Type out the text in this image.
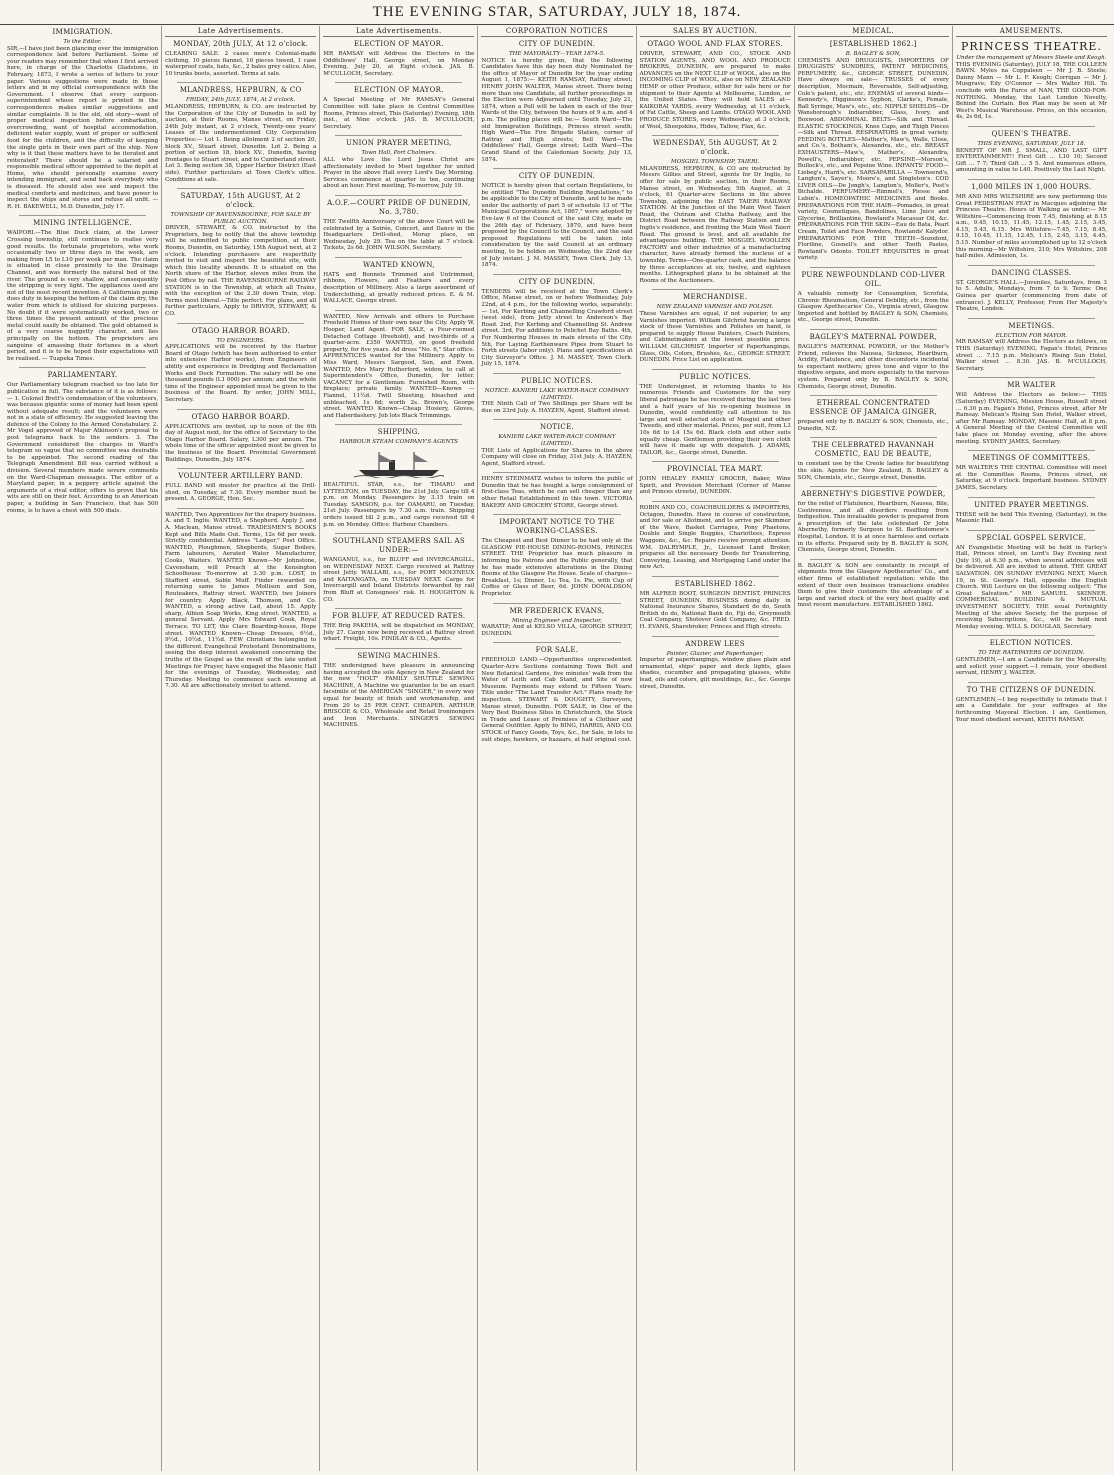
THE EVENING STAR, SATURDAY, JULY 18, 1874.
IMMIGRATION.
To the Editor.

SIR,—I have just been glancing over the immigration correspondence laid before Parliament. Some of your readers may remember that when I first arrived here, in charge of the Charlotte Gladstone, in February, 1873, I wrote a series of letters to your paper. Various suggestions were made in those letters and in my official correspondence with the Government. I observe that every surgeon-superintendent whose report is printed in the correspondence makes similar suggestions and similar complaints. It is the old, old story—want of proper medical inspection before embarkation, overcrowding, want of hospital accommodation, deficient water supply, want of proper or sufficient food for the children, and the difficulty of keeping the single girls in their own part of the ship. Now why is it that these matters have to be iterated and reiterated? There should be a salaried and responsible medical officer appointed to the depôt at Home, who should personally examine every intending immigrant, and send back everybody who is diseased. He should also see and inspect the medical comforts and medicines, and have power to inspect the ships and stores and refuse all unfit. — R. H. BAKEWELL, M.D. Dunedin, July 17.

MINING INTELLIGENCE.

WAIPORI.—The Blue Duck claim, at the Lower Crossing township, still continues to realise very good results. Its fortunate proprietors, who work occasionally two or three days in the week, are making from L5 to L10 per week per man. The claim is situated in close proximity to the Drainage Channel, and was formerly the natural bed of the river. The ground is very shallow, and consequently the stripping is very light. The appliances used are not of the most recent invention. A Californian pump does duty in keeping the bottom of the claim dry, the water from which is utilised for sluicing purposes. No doubt if it were systematically worked, two or three times the present amount of the precious metal could easily be obtained. The gold obtained is of a very coarse nuggetty character, and lies principally on the bottom. The proprietors are sanguine of amassing their fortunes in a short period, and it is to be hoped their expectations will be realised. — Tuapeka Times.

PARLIAMENTARY.

Our Parliamentary telegram reached us too late for publication in full. The substance of it is as follows:— 1. Colonel Brett's condemnation of the volunteers, was because gigantic sums of money had been spent without adequate result; and the volunteers were not in a state of efficiency. He suggested leaving the defence of the Colony to the Armed Constabulary. 2. Mr Vogel approved of Major Atkinson's proposal to post telegrams back to the senders. 3. The Government considered the charges in Ward's telegram so vague that no committee was desirable to be appointed. The second reading of the Telegraph Amendment Bill was carried without a division. Several members made severe comments on the Ward-Chapman messages. The editor of a Maryland paper, in a peppery article against the arguments of a rival editor, offers to prove that his wits are still on their feet. According to an American paper, a building in San Francisco, that has 500 rooms, is to have a chest with 500 dials.

Late Advertisements.
MONDAY, 20th JULY, At 12 o'clock.

CLEARING SALE. 2 cases men's Colonial-made clothing, 10 pieces flannel, 10 pieces tweed, 1 case waterproof coats, hats, &c., 2 bales grey calico. Also, 10 trunks boots, assorted. Terms at sale.

MLANDRESS, HEPBURN, & CO
FRIDAY, 24th JULY, 1874, At 2 o'clock.

MLANDRESS, HEPBURN, & CO. are instructed by the Corporation of the City of Dunedin to sell by auction, at their Rooms, Manse street, on Friday, 24th July instant, at 2 o'clock, Twenty-one years' Leases of the undermentioned City Corporation Properties:— Lot 1. Being allotment 2 of section 20, block XV., Stuart street, Dunedin. Lot 2. Being a portion of section 18, block XV., Dunedin, having frontages to Stuart street, and to Cumberland street. Lot 3. Being section 38, Upper Harbor District (East side). Further particulars at Town Clerk's office. Conditions at sale.

SATURDAY, 15th AUGUST, At 2 o'clock.
TOWNSHIP OF RAVENSBOURNE, FOR SALE BY PUBLIC AUCTION.

DRIVER, STEWART, & CO. instructed by the Proprietors, beg to notify that the above township will be submitted to public competition, at their Rooms, Dunedin, on Saturday, 15th August next, at 2 o'clock. Intending purchasers are respectfully invited to visit and inspect the beautiful site, with which this locality abounds. It is situated on the North shore of the Harbor, eleven miles from the Post Office by rail. THE RAVENSBOURNE RAILWAY STATION is in the Township, at which all Trains, with the exception of the 2.30 down Train, stop. Terms most liberal.—Title perfect. For plans, and all further particulars, Apply to DRIVER, STEWART, & CO.

OTAGO HARBOR BOARD.
TO ENGINEERS.

APPLICATIONS will be received by the Harbor Board of Otago (which has been authorised to enter into extensive Harbor works), from Engineers of ability and experience in Dredging and Reclamation Works and Dock Formation. The salary will be one thousand pounds (L1 000) per annum; and the whole time of the Engineer appointed must be given to the business of the Board. By order, JOHN MILL, Secretary.

OTAGO HARBOR BOARD.

APPLICATIONS are invited, up to noon of the 6th day of August next, for the office of Secretary to the Otago Harbor Board. Salary, L300 per annum. The whole time of the officer appointed must be given to the business of the Board. Provincial Government Buildings, Dunedin, July 1874.

VOLUNTEER ARTILLERY BAND.

FULL BAND will muster for practice at the Drill-shed, on Tuesday, at 7.30. Every member must be present. A. GEORGE, Hon. Sec.

WANTED, Two Apprentices for the drapery business. A. and T. Inglis. WANTED, a Shepherd. Apply J. and A. Maclean, Manse street. TRADESMEN'S BOOKS Kept and Bills Made Out. Terms, 12s 6d per week. Strictly confidential. Address "Ledger," Post Office. WANTED, Ploughmen, Shepherds, Sugar Boilers, Farm labourers, Aerated Water Manufacturer, Cooks, Waiters. WANTED Known—Mr Johnstone, Cavensham, will Preach at the Kensington Schoolhouse To-morrow at 3.30 p.m. LOST, in Stafford street, Sable Muff. Finder rewarded on returning same to James Mollison and Son, Routeakers, Rattray street. WANTED, two Joiners for country. Apply Black, Thomson, and Co. WANTED, a strong active Lad, about 15. Apply sharp, Albion Soap Works, King street. WANTED, a general Servant. Apply Mrs Edward Cook, Royal Terrace. TO LET, the Clare Boarding-house, Hope street. WANTED Known—Cheap Dresses, 6½d., 9½d., 10½d., 11½d. FEW Christians belonging to the different Evangelical Protestant Denominations, seeing the deep interest awakened concerning the truths of the Gospel as the result of the late united Meetings for Prayer, have engaged the Masonic Hall for the evenings of Tuesday, Wednesday, and Thursday. Meeting to commence each evening at 7.30. All are affectionately invited to attend.

Late Advertisements.
ELECTION OF MAYOR.

MR RAMSAY will Address the Electors in the Oddfellows' Hall, George street, on Monday Evening, July 20, at Eight o'clock. JAS. B. M'CULLOCH, Secretary.

ELECTION OF MAYOR.

A Special Meeting of Mr RAMSAY's General Committee will take place in Central Committee Rooms, Princes street, This (Saturday) Evening, 18th inst., at Nine o'clock. JAS. B. M'CULLOCH, Secretary.

UNION PRAYER MEETING,
Town Hall, Port Chalmers.

ALL who Love the Lord Jesus Christ are affectionately invited to Meet together for united Prayer in the above Hall every Lord's Day Morning. Services commence at quarter to ten, continuing about an hour. First meeting, To-morrow, July 19.

A.O.F.—COURT PRIDE OF DUNEDIN, No. 3,780.

THE Twelfth Anniversary of the above Court will be celebrated by a Soirée, Concert, and Dance in the Headquarters Drill-shed, Moray place, on Wednesday, July 29. Tea on the table at 7 o'clock. Tickets, 2s 6d. JOHN WILSON, Secretary.

WANTED KNOWN,

HATS and Bonnets Trimmed and Untrimmed, ribbons, Flowers, and Feathers and every description of Millinery. Also a large assortment of Underclothing, at greatly reduced prices. E. & M. WALLACE, George street.

WANTED, New Arrivals and others to Purchase Freehold Homes of their own near the City. Apply W. Hooper, Land Agent. FOR SALE, a Four-roomed Detached Cottage (freehold), and two-thirds of a quarter-acre. £350 WANTED, on good freehold property, for five years. Ad dress "No. 6," Star office. APPRENTICES wanted for the Millinery. Apply to Miss Ward, Messrs Sargood, Son, and Ewen. WANTED, Mrs Mary Rutherford, widow, to call at Superintendent's Office, Dunedin, for letter. VACANCY for a Gentleman: Furnished Room, with fireplace; private family. WANTED—Known — Flannel, 11½d. Twill Sheeting, bleached and unbleached, 1s 6d; worth 2s. Brown's, George street. WANTED Known—Cheap Hosiery, Gloves, and Haberdashery. Job lots Black Trimmings.

SHIPPING.
HARBOUR STEAM COMPANY'S AGENTS

BEAUTIFUL STAR, s.s., for TIMARU and LYTTELTON, on TUESDAY, the 21st July. Cargo till 4 p.m. on Monday. Passengers by 3.15 train on Tuesday. SAMSON, p.s. for OAMARU, on Tuesday, 21st July. Passengers by 7.30 a.m. train. Shipping orders issued till 2 p.m., and cargo received till 4 p.m. on Monday. Office: Harbour Chambers.

SOUTHLAND STEAMERS SAIL AS UNDER:—

WANGANUI, s.s., for BLUFF and INVERCARGILL, on WEDNESDAY NEXT. Cargo received at Rattray street Jetty. WALLABI, s.s., for PORT MOLYNEUX and KAITANGATA, on TUESDAY NEXT. Cargo for Invercargill and Inland Districts forwarded by rail from Bluff at Consignees' risk. H. HOUGHTON & CO.

FOR BLUFF, AT REDUCED RATES.

THE Brig PAKEHA, will be dispatched on MONDAY, July 27. Cargo now being received at Rattray street wharf. Freight, 10s. FINDLAY & CO., Agents.

SEWING MACHINES.

THE undersigned have pleasure in announcing having accepted the sole Agency in New Zealand for the new "HOLT" FAMILY SHUTTLE SEWING MACHINE, A Machine we guarantee to be an exact facsimile of the AMERICAN "SINGER," in every way equal for beauty of finish and workmanship, and From 20 to 25 PER CENT. CHEAPER. ARTHUR BRISCOE & CO., Wholesale and Retail Ironmongers and Iron Merchants. SINGER'S SEWING MACHINES.

CORPORATION NOTICES
CITY OF DUNEDIN.
THE MAYORALTY—YEAR 1874-5.

NOTICE is hereby given, that the following Candidates have this day been duly Nominated for the office of Mayor of Dunedin for the year ending August 1, 1875:— KEITH RAMSAY, Rattray street; HENRY JOHN WALTER, Manse street. There being more than one Candidate, all further proceedings in the Election were Adjourned until Tuesday, July 21, 1874, when a Poll will be taken in each of the four Wards of the City, between the hours of 9 a.m. and 4 p.m. The polling places will be:— South Ward—The old Immigration Buildings, Princes street south; High Ward—The Fire Brigade Station, corner of Rattray and High streets; Bell Ward—The Oddfellows' Hall, George street; Leith Ward—The Grand Stand of the Caledonian Society. July 13, 1874.

CITY OF DUNEDIN.

NOTICE is hereby given that certain Regulations, to be entitled "The Dunedin Building Regulations," to be applicable to the City of Dunedin, and to be made under the authority of part 5 of schedule 13 of "The Municipal Corporations Act, 1867," were adopted by Eve-law 6 of the Council of the said City, made on the 26th day of February, 1870, and have been proposed by the Council to the Council, and the said proposed Regulations will be taken into consideration by the said Council at an ordinary meeting, to be holden on Wednesday, the 22nd day of July instant. J. M. MASSEY, Town Clerk. July 13, 1874.

CITY OF DUNEDIN.

TENDERS will be received at the Town Clerk's Office, Manse street, on or before Wednesday, July 22nd, at 4 p.m., for the following works, separately:— 1st, For Kerbing and Channelling Crawford street (west side), from Jetty street to Anderson's Bay Road. 2nd, For Kerbing and Channelling St. Andrew street. 3rd, For additions to Pelichet Bay Baths. 4th, For Numbering Houses in main streets of the City. 5th, For Laying Earthenware Pipes from Stuart to Forth streets (labor only). Plans and specifications at City Surveyor's Office. J. M. MASSEY, Town Clerk. July 15, 1874.

PUBLIC NOTICES.
NOTICE. KANIERI LAKE WATER-RACE COMPANY (LIMITED).

THE Ninth Call of Two Shillings per Share will be due on 23rd July. A. HAYZEN, Agent, Stafford street.

NOTICE.
KANIERI LAKE WATER-RACE COMPANY (LIMITED).

THE Lists of Applications for Shares in the above Company will close on Friday, 31st July. A. HAYZEN, Agent, Stafford street.

HENRY STEINMATZ wishes to inform the public of Dunedin that he has bought a large consignment of first-class Teas, which he can sell cheaper than any other Retail Establishment in this town. VICTORIA BAKERY AND GROCERY STORE, George street.

IMPORTANT NOTICE TO THE WORKING-CLASSES.

The Cheapest and Best Dinner to be had only at the GLASGOW PIE-HOUSE DINING-ROOMS, PRINCES STREET. THE Proprietor has much pleasure in informing his Patrons and the Public generally, that he has made extensive alterations in the Dining Rooms of the Glasgow Pie House. Scale of charges— Breakfast, 1s; Dinner, 1s; Tea, 1s. Pie, with Cup of Coffee or Glass of Beer, 6d. JOHN DONALDSON, Proprietor.

MR FREDERICK EVANS,
Mining Engineer and Inspector,

WARATIP; And at KELSO VILLA, GEORGE STREET, DUNEDIN.

FOR SALE.

FREEHOLD LAND.—Opportunities unprecedented. Quarter-Acre Sections containing Town Belt and New Botanical Gardens, five minutes' walk from the Water of Leith and Cab Stand, and Site of new Museum. Payments may extend to Fifteen Years. Title under "The Land Transfer Act." Plans ready for inspection. STEWART & DOUGHTY, Surveyors, Manse street, Dunedin. FOR SALE, in One of the Very Best Business Sites in Christchurch, the Stock in Trade and Lease of Premises of a Clothier and General Outfitter. Apply to BING, HARRIS, AND CO. STOCK of Fancy Goods, Toys, &c., for Sale, in lots to suit shops, hawkers, or bazaars, at half original cost.

SALES BY AUCTION.
OTAGO WOOL AND FLAX STORES.

DRIVER, STEWART, AND CO., STOCK AND STATION AGENTS, AND WOOL AND PRODUCE BROKERS, DUNEDIN, are prepared to make ADVANCES on the NEXT CLIP of WOOL, also on the INCOMING CLIP of WOOL, also on NEW ZEALAND HEMP or other Produce, either for sale here or for shipment to their Agents at Melbourne, London, or the United States. They will hold SALES at— KAIKORAI YARDS, every Wednesday, at 11 o'clock, of Fat Cattle, Sheep and Lambs. OTAGO WOOL AND PRODUCE STORES, every Wednesday, at 3 o'clock, of Wool, Sheepskins, Hides, Tallow, Flax, &c.

WEDNESDAY, 5th AUGUST, At 2 o'clock.
MOSGIEL TOWNSHIP, TAIERI.

MLANDRESS, HEPBURN, & CO are instructed by Messrs Gillies and Street, agents for Dr Inglis, to offer for sale by public auction, in their Rooms, Manse street, on Wednesday, 5th August, at 2 o'clock, 61 Quarter-acre Sections in the above Township, adjoining the EAST TAIERI RAILWAY STATION. At the Junction of the Main West Taieri Road, the Outram and Clutha Railway, and the District Road between the Railway Station and Dr Inglis's residence, and fronting the Main West Taieri Road. The ground is level, and all available for advantageous building. THE MOSGIEL WOOLLEN FACTORY and other industries of a manufacturing character, have already formed the nucleus of a township. Terms—One-quarter cash, and the balance by three acceptances at six, twelve, and eighteen months. Lithographed plans to be obtained at the Rooms of the Auctioneers.

MERCHANDISE.
NEW ZEALAND VARNISH AND POLISH.

These Varnishes are equal, if not superior, to any Varnishes imported. William Gilchrist having a large stock of these Varnishes and Polishes on hand, is prepared to supply House Painters, Coach Painters, and Cabinetmakers at the lowest possible price. WILLIAM GILCHRIST, Importer of Paperhangings, Glass, Oils, Colors, Brushes, &c., GEORGE STREET, DUNEDIN. Price List on application.

PUBLIC NOTICES.

THE Undersigned, in returning thanks to his numerous Friends and Customers for the very liberal patronage he has received during the last two and a half years of his re-opening business in Dunedin, would confidently call attention to his large and well selected stock of Mosgiel and other Tweeds, and other material. Prices, per suit, from L3 10s 6d to L4 15s 6d. Black cloth and other suits equally cheap. Gentlemen providing their own cloth will have it made up with despatch. J. ADAMS, TAILOR, &c., George street, Dunedin.

PROVINCIAL TEA MART.

JOHN HEALEY FAMILY GROCER, Baker, Wine Spirit, and Provision Merchant (Corner of Manse and Princes streets), DUNEDIN.

ROBIN AND CO., COACHBUILDERS & IMPORTERS, Octagon, Dunedin. Have in course of construction, and for sale or Allotment, and to arrive per Skimmer of the Wave, Basket Carriages, Pony Phaetons, Double and Single Buggies, Chariottees, Express Waggons, &c., &c. Repairs receive prompt attention. WM. DALRYMPLE, Jr., Licensed Land Broker, prepares all the necessary Deeds for Transferring, Conveying, Leasing, and Mortgaging Land under the new Act.

ESTABLISHED 1862.

MR ALFRED BOOT, SURGEON DENTIST, PRINCES STREET, DUNEDIN. BUSINESS doing daily in National Insurance Shares, Standard do do, South British do do, National Bank do, Fiji do, Greymouth Coal Company, Shotover Gold Company, &c. FRED. H. EVANS, Sharebroker, Princes and High streets.

ANDREW LEES
Painter, Glazier, and Paperhanger,

Importer of paperhangings, window glass plain and ornamental, ships' paper and deck lights, glass shades, cucumber and propagating glasses, white lead, oils and colors, gilt mouldings, &c., &c. George street, Dunedin.

MEDICAL.
[ESTABLISHED 1862.]
B. BAGLEY & SON,

CHEMISTS AND DRUGGISTS, IMPORTERS OF DRUGGISTS' SUNDRIES, PATENT MEDICINES, PERFUMERY, &c., GEORGE STREET, DUNEDIN, Have always on sale— TRUSSES of every description, Mocmain, Reversable, Self-adjusting, Cole's patent, etc., etc. ENEMAS of several kinds—Kennedy's, Higginson's Syphon, Clarke's, Female, Ball Syringe, Maw's, etc., etc. NIPPLE SHIELDS—Dr Wansborough's Indiarubber, Glass, Ivory, and Boxwood. ABDOMINAL BELTS—Silk and Thread. ELASTIC STOCKINGS, Knee Caps, and Thigh Pieces—Silk and Thread. RESPIRATORS in great variety. FEEDING BOTTLES—Mather's, Maw's, Walls, Close, and Co.'s, Botham's, Alexandra, etc., etc. BREAST EXHAUSTERS—Maw's, Mather's, Alexandra, Powell's, Indiarubber, etc. PEPSINE—Morson's, Bullock's, etc., and Pepsine Wine. INFANTS' FOOD—Liebeg's, Hard's, etc. SARSAPARILLA — Townsend's, Langton's, Sayer's, Moore's, and Singleton's. COD LIVER OILS—De Jongh's, Langton's, Moller's, Post's Bichalde. PERFUMERY—Rimmel's, Piesse and Lubin's. HOMEOPATHIC MEDICINES and Books. PREPARATIONS FOR THE HAIR—Pomades, in great variety, Cosmetiques, Bandolines, Lime Juice and Glycerine, Brilliantine, Rowland's Macassar Oil, &c. PREPARATIONS FOR THE SKIN—Eau de Bata, Pearl Cream, Toilet and Face Powders, Rowlands' Kalydor. PREPARATIONS FOR THE TEETH—Sozodont, Floriline, Gosnell's and other Tooth Pastes, Rowland's Odonto. TOILET REQUISITES in great variety.

PURE NEWFOUNDLAND COD-LIVER OIL.

A valuable remedy for Consumption, Scrofula, Chronic Rheumatism, General Debility, etc., from the Glasgow Apothecaries' Co., Virginia street, Glasgow. Imported and bottled by BAGLEY & SON, Chemists, etc., George street, Dunedin.

BAGLEY'S MATERNAL POWDER,

BAGLEY'S MATERNAL POWDER, or the Mother's Friend, relieves the Nausea, Sickness, Heartburn, Acidity, Flatulence, and other discomforts incidental to expectant mothers; gives tone and vigor to the digestive organs, and more especially to the nervous system. Prepared only by B. BAGLEY & SON, Chemists, George street, Dunedin.

ETHEREAL CONCENTRATED ESSENCE OF JAMAICA GINGER,

prepared only by B. BAGLEY & SON, Chemists, etc., Dunedin, N.Z.

THE CELEBRATED HAVANNAH COSMETIC, EAU DE BEAUTE,

in constant use by the Creole ladies for beautifying the skin. Agents for New Zealand, B. BAGLEY & SON, Chemists, etc., George street, Dunedin.

ABERNETHY'S DIGESTIVE POWDER,

for the relief of Flatulence, Heartburn, Nausea, Bile, Costiveness, and all disorders resulting from Indigestion. This invaluable powder is prepared from a prescription of the late celebrated Dr John Abernethy, formerly Surgeon to St. Bartholomew's Hospital, London. It is at once harmless and certain in its effects. Prepared only by B. BAGLEY & SON, Chemists, George street, Dunedin.

B. BAGLEY & SON are constantly in receipt of shipments from the Glasgow Apothecaries' Co., and other firms of established reputation; while the extent of their own business transactions enables them to give their customers the advantage of a large and varied stock of the very best quality and most recent manufacture. ESTABLISHED 1862.

AMUSEMENTS.
PRINCESS THEATRE.
Under the management of Messrs Steele and Keogh.

THIS EVENING (Saturday), JULY 18, THE COLLEEN BAWN. Myles na Coppaleen — Mr J. B. Steele; Danny Mann — Mr L. F. Keogh; Corrigan — Mr J. Musgrave; Eily O'Connor — Mrs Walter Hill. To conclude with the Farce of NAN, THE GOOD-FOR-NOTHING. Monday, the Last London Novelty, Behind the Curtain. Box Plan may be seen at Mr West's Musical Warehouse. Prices, on this occasion, 4s, 2s 6d, 1s.

QUEEN'S THEATRE.
THIS EVENING, SATURDAY, JULY 18.

BENEFIT OF MR J. SMALL, AND LAST GIFT ENTERTAINMENT!! First Gift ... L10 10; Second Gift ... 7 7; Third Gift ... 5 5. And numerous others, amounting in value to L40. Positively the Last Night.

1,000 MILES IN 1,000 HOURS.

MR AND MRS WILTSHIRE are now performing this Great PEDESTRIAN FEAT in Macques adjoining the Princess Theatre. Hours of Walking as under:— Mr Wiltshire—Commencing from 7.45, finishing at 8.15 a.m., 9.45, 10.15, 11.45, 12.15, 1.45, 2.15, 3.45, 4.15, 5.45, 6.15. Mrs Wiltshire—7.45, 7.15, 8.45, 9.15, 10.45, 11.15, 12.45, 1.15, 2.45, 3.15, 4.45, 5.15. Number of miles accomplished up to 12 o'clock this morning—Mr Wiltshire, 210; Mrs Wiltshire, 208 half-miles. Admission, 1s.

DANCING CLASSES.

ST. GEORGE'S HALL.—Juveniles, Saturdays, from 3 to 5. Adults, Mondays, from 7 to 9. Terms: One Guinea per quarter (commencing from date of entrance). J. KELLY, Professor, From Her Majesty's Theatre, London.

MEETINGS.
ELECTION FOR MAYOR.

MR RAMSAY will Address the Electors as follows, on THIS (Saturday) EVENING, Fagan's Hotel, Princes street ... 7.15 p.m. Melican's Rising Sun Hotel, Walker street ... 8.30. JAS. B. M'CULLOCH, Secretary.

MR WALTER

Will Address the Electors as below:— THIS (Saturday) EVENING, Mission House, Russell street ... 6.30 p.m. Fagan's Hotel, Princes street, after Mr Ramsay. Melican's Rising Sun Hotel, Walker street, after Mr Ramsay. MONDAY, Masonic Hall, at 8 p.m. A General Meeting of the Central Committee will take place on Monday evening, after the above meeting. SYDNEY JAMES, Secretary.

MEETINGS OF COMMITTEES.

MR WALTER'S THE CENTRAL Committee will meet at the Committee Rooms, Princes street, on Saturday, at 9 o'clock. Important business. SYDNEY JAMES, Secretary.

UNITED PRAYER MEETINGS.

THESE will be held This Evening, (Saturday), in the Masonic Hall.

SPECIAL GOSPEL SERVICE.

AN Evangelistic Meeting will be held in Farley's Hall, Princes street, on Lord's Day Evening next (July 19), at 6.30 p.m., when several addresses will be delivered. All are invited to attend. THE GREAT SALVATION. ON SUNDAY EVENING NEXT, March 19, in St. George's Hall, opposite the English Church. Will Lecture on the following subject: "The Great Salvation." MR SAMUEL SKINNER. COMMERCIAL BUILDING & MUTUAL INVESTMENT SOCIETY. THE usual Fortnightly Meeting of the above Society, for the purpose of receiving Subscriptions, &c., will be held next Monday evening. WILL S. DOUGLAS, Secretary.

ELECTION NOTICES.
TO THE RATEPAYERS OF DUNEDIN.

GENTLEMEN,—I am a Candidate for the Mayoralty, and solicit your support.—I remain, your obedient servant, HENRY J. WALTER.

TO THE CITIZENS OF DUNEDIN.

GENTLEMEN,—I beg respectfully to intimate that I am a Candidate for your suffrages at the forthcoming Mayoral Election. I am, Gentlemen, Your most obedient servant, KEITH RAMSAY.
